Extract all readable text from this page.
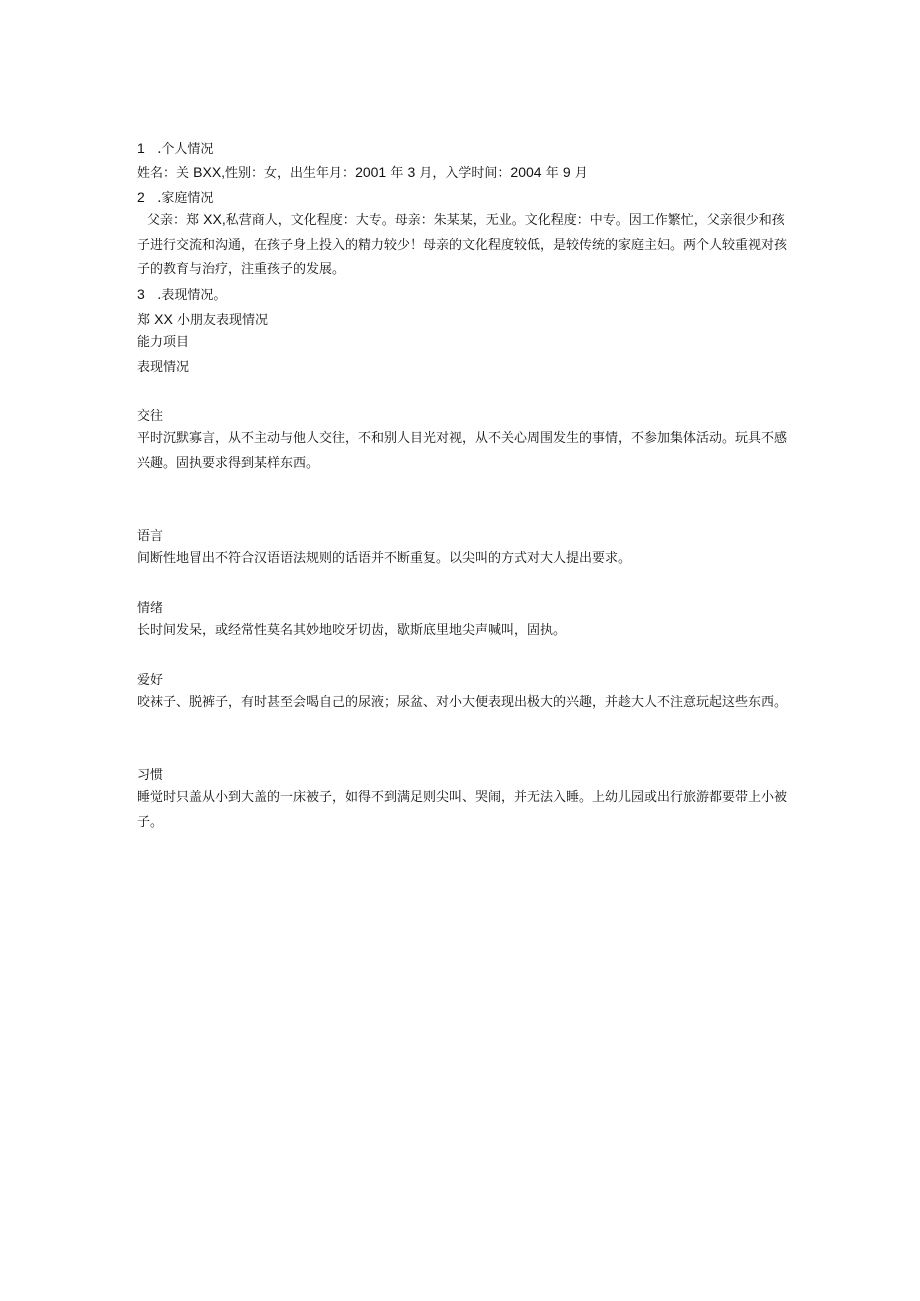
1 .个人情况
姓名：关 BXX,性别：女，出生年月：2001 年 3 月，入学时间：2004 年 9 月
2 .家庭情况
父亲：郑 XX,私营商人，文化程度：大专。母亲：朱某某，无业。文化程度：中专。因工作繁忙，父亲很少和孩子进行交流和沟通，在孩子身上投入的精力较少！母亲的文化程度较低，是较传统的家庭主妇。两个人较重视对孩子的教育与治疗，注重孩子的发展。
3 .表现情况。
郑 XX 小朋友表现情况
能力项目
表现情况
交往
平时沉默寡言，从不主动与他人交往，不和别人目光对视，从不关心周围发生的事情，不参加集体活动。玩具不感兴趣。固执要求得到某样东西。
语言
间断性地冒出不符合汉语语法规则的话语并不断重复。以尖叫的方式对大人提出要求。
情绪
长时间发呆，或经常性莫名其妙地咬牙切齿，歇斯底里地尖声喊叫，固执。
爱好
咬袜子、脱裤子，有时甚至会喝自己的尿液；尿盆、对小大便表现出极大的兴趣，并趁大人不注意玩起这些东西。
习惯
睡觉时只盖从小到大盖的一床被子，如得不到满足则尖叫、哭闹，并无法入睡。上幼儿园或出行旅游都要带上小被子。
